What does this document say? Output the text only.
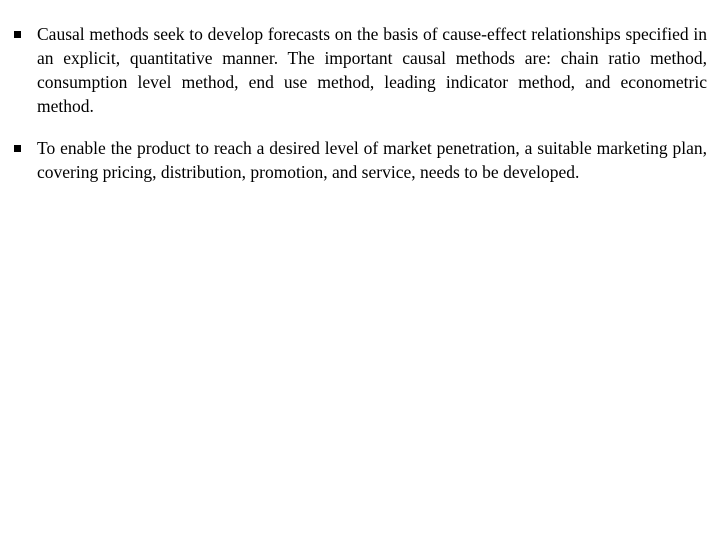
Causal methods seek to develop forecasts on the basis of cause-effect relationships specified in an explicit, quantitative manner. The important causal methods are: chain ratio method, consumption level method, end use method, leading indicator method, and econometric method.
To enable the product to reach a desired level of market penetration, a suitable marketing plan, covering pricing, distribution, promotion, and service, needs to be developed.
